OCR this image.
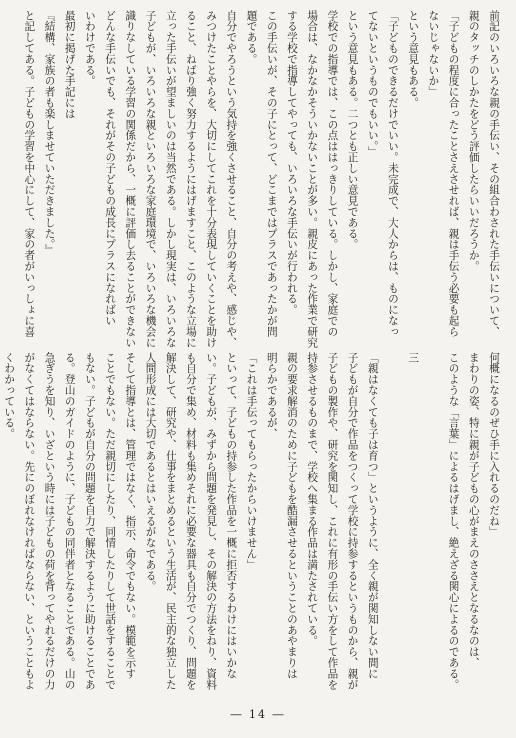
前記のいろいろな親の手伝い、その組合わされた手伝いについて、
親のタッチのしかたをどう評価したらいいだろうか。
「子どもの程度に合ったことさえさせれば、親は手伝う必要も起ら
ないじゃないか」
という意見もある。
「子どものできるだけでいい。未完成で、大人からは、ものになっ
てないというものでもいい。」
という意見もある。二つとも正しい意見である。
学校での指導では、この点ははっきりしている。しかし、家庭での
場合は、なかなかそういかないことが多い。親皮にあった作業で研究
する学校で指導してやっても、いろいろな手伝いが行われる。
この手伝いが、その子にとって、どこまではプラスであったかが問
題である。
自分でやろうという気持を強くさせること、自分の考えや、感じや、
みつけたことやらを、大切にしてこれを十分表現していくことを助け
ること、ねばり強く努力するようにはげますこと、このような立場に
立った手伝いが望ましいのは当然である。しかし現実は、いろいろな
子どもが、いろいろな親といろいろな家庭環境で、いろいろな機会に
識りなしている学習の関係だから、一概に評価し去ることができない
どんな手伝いでも、それがその子どもの成長にプラスになればい
いわけである。
最初に掲げた手記には
『結構、家族の者も楽しませていただきました。』
と記してある。子どもの学習を中心にして、家の者がいっしょに喜
何概になるのぜひ手に入れるのだね」
まわりの姿、特に親が子どもの心がまえのささえとなるなのは、
このような「言葉」によるはげまし、絶えざる関心によるのである。

三

「親はなくても子は育つ」というように、全く親が関知しない間に
子どもが自分で作品をつくって学校に持参するというものから、親が
子どもの製作や、研究を関知し、これに有形の手伝い方をして作品を
持参させるものまで、学校へ集まる作品は満たされている。
親の要求解消のために子どもを酷漏させるということのあやまりは
明らかであるが、
「これは手伝ってもらったからいけません」
といって、子どもの持参した作品を一概に拒否するわけにはいかな
い。子どもが、みずから問題を発見し、その解決の方法をねり、資料
も自分で集め、材料も集めそれに必要な器具も自分でつくり、問題を
解決して、研究や、仕事をまとめるという生活が、民主的な独立した
人間形成には大切であるとはいえるがなである。
そして指導とは、管理ではなく、指示、命令でもない。模範を示す
ことでもない。ただ親切にしたり、同情したりして世話をすることで
もない。子どもが自分の問題を自力で解決するように助けることであ
る。登山のガイドのように、子どもの同伴者となることである。山の
急ぎうを知り、いざという時には子どもの荷を背ってやれるだけの力
がなくてはならない。先にのぼれなければならない、ということもよ
くわかっている。
― 14 ―
